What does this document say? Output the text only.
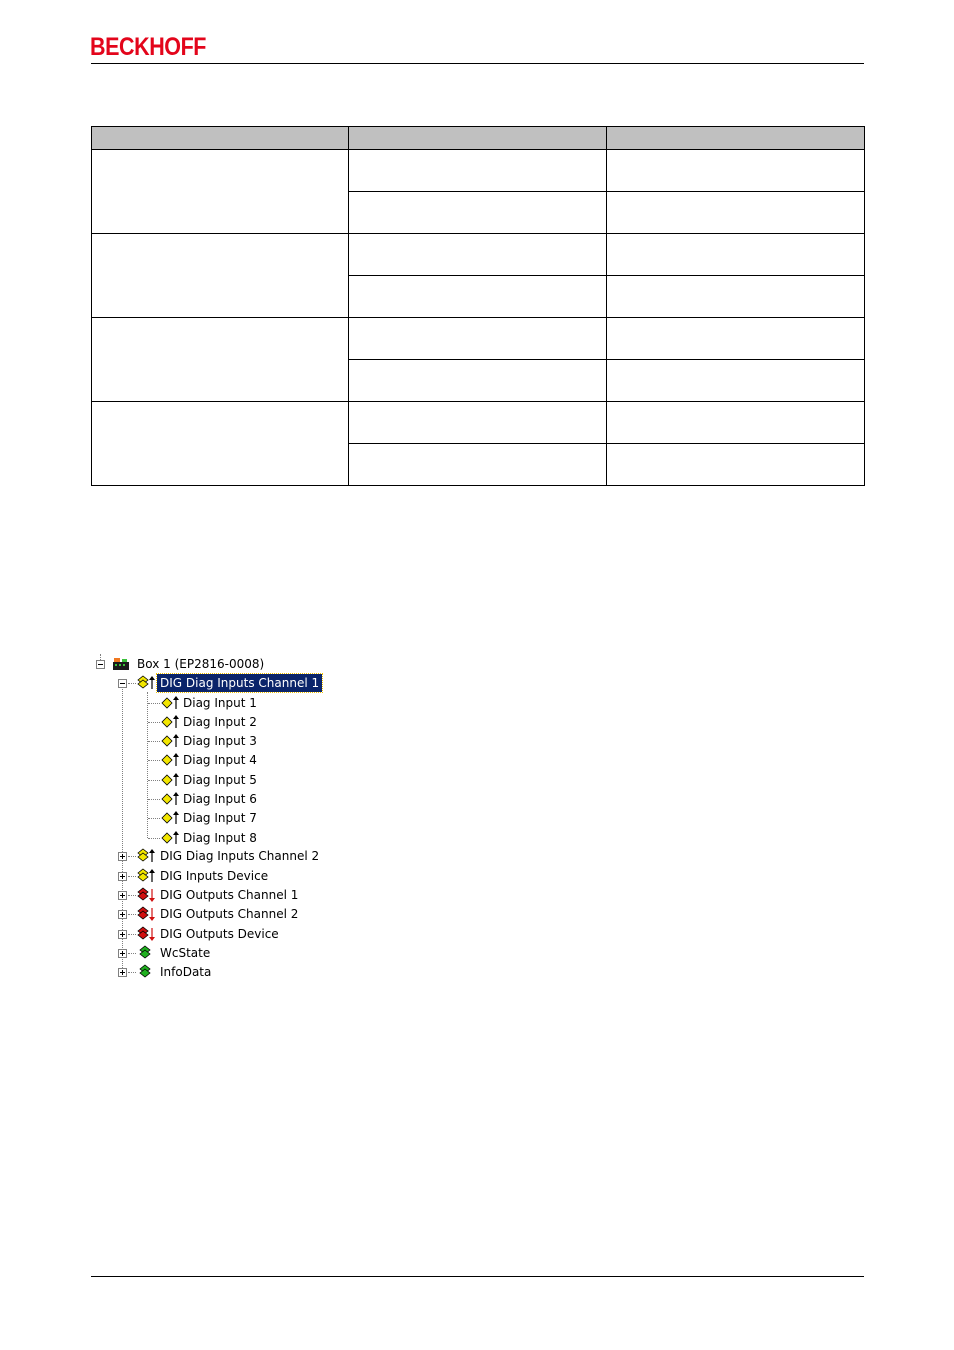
BECKHOFF

Box 1 (EP2816-0008)
DIG Diag Inputs Channel 1
Diag Input 1
Diag Input 2
Diag Input 3
Diag Input 4
Diag Input 5
Diag Input 6
Diag Input 7
Diag Input 8
DIG Diag Inputs Channel 2
DIG Inputs Device
DIG Outputs Channel 1
DIG Outputs Channel 2
DIG Outputs Device
WcState
InfoData
